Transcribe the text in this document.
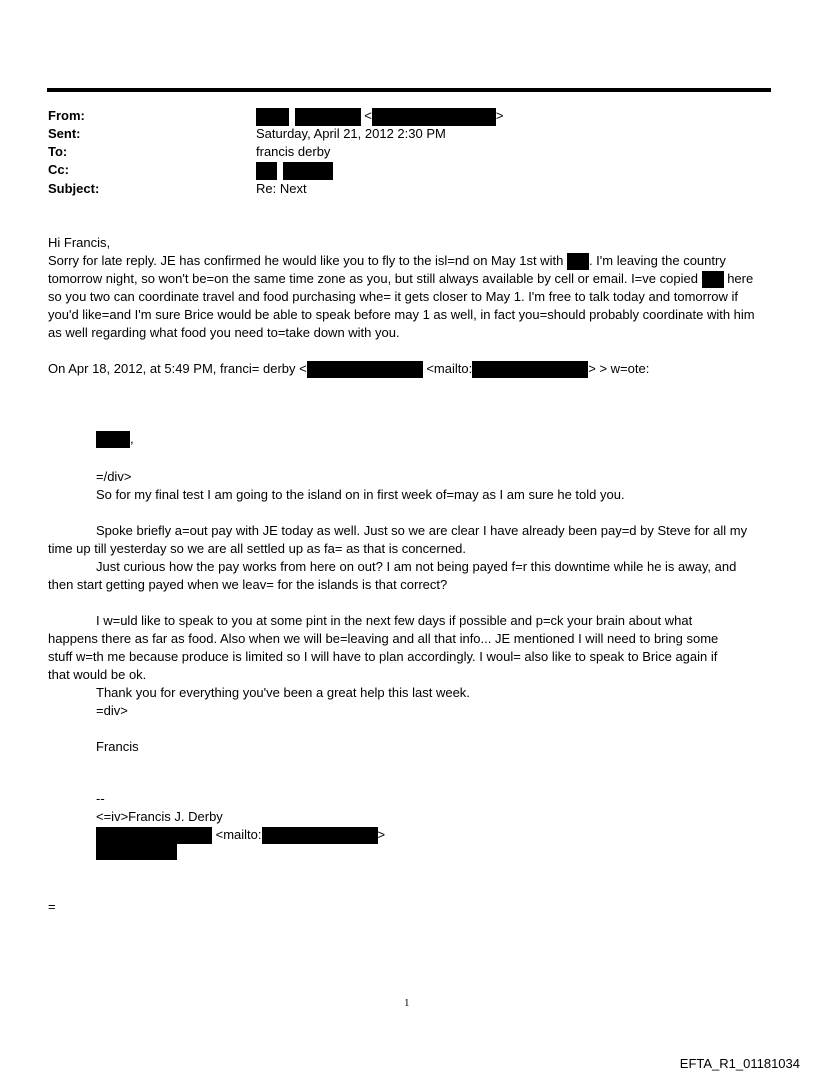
From:	<	>
Sent:	Saturday, April 21, 2012 2:30 PM
To:	francis derby
Cc:

Subject:	Re: Next
Hi Francis,
Sorry for late reply. JE has confirmed he would like you to fly to the isl=nd on May 1st with . I'm leaving the country tomorrow night, so won't be=on the same time zone as you, but still always available by cell or email. I=ve copied here so you two can coordinate travel and food purchasing whe= it gets closer to May 1. I'm free to talk today and tomorrow if you'd like=and I'm sure Brice would be able to speak before may 1 as well, in fact you=should probably coordinate with him as well regarding what food you need to=take down with you.
On Apr 18, 2012, at 5:49 PM, franci= derby <	<mailto:	> > w=ote:
,
=/div>
So for my final test I am going to the island on in first week of=may as I am sure he told you.
Spoke briefly a=out pay with JE today as well. Just so we are clear I have already been pay=d by Steve for all my
time up till yesterday so we are all settled up as fa= as that is concerned.
Just curious how the pay works from here on out? I am not being payed f=r this downtime while he is away, and
then start getting payed when we leav= for the islands is that correct?
I w=uld like to speak to you at some pint in the next few days if possible and p=ck your brain about what
happens there as far as food. Also when we will be=leaving and all that info... JE mentioned I will need to bring some
stuff w=th me because produce is limited so I will have to plan accordingly. I woul= also like to speak to Brice again if
that would be ok.
Thank you for everything you've been a great help this last week.
=div>
Francis
--
<=iv>Francis J. Derby
<mailto:	>
=
1
EFTA_R1_01181034
